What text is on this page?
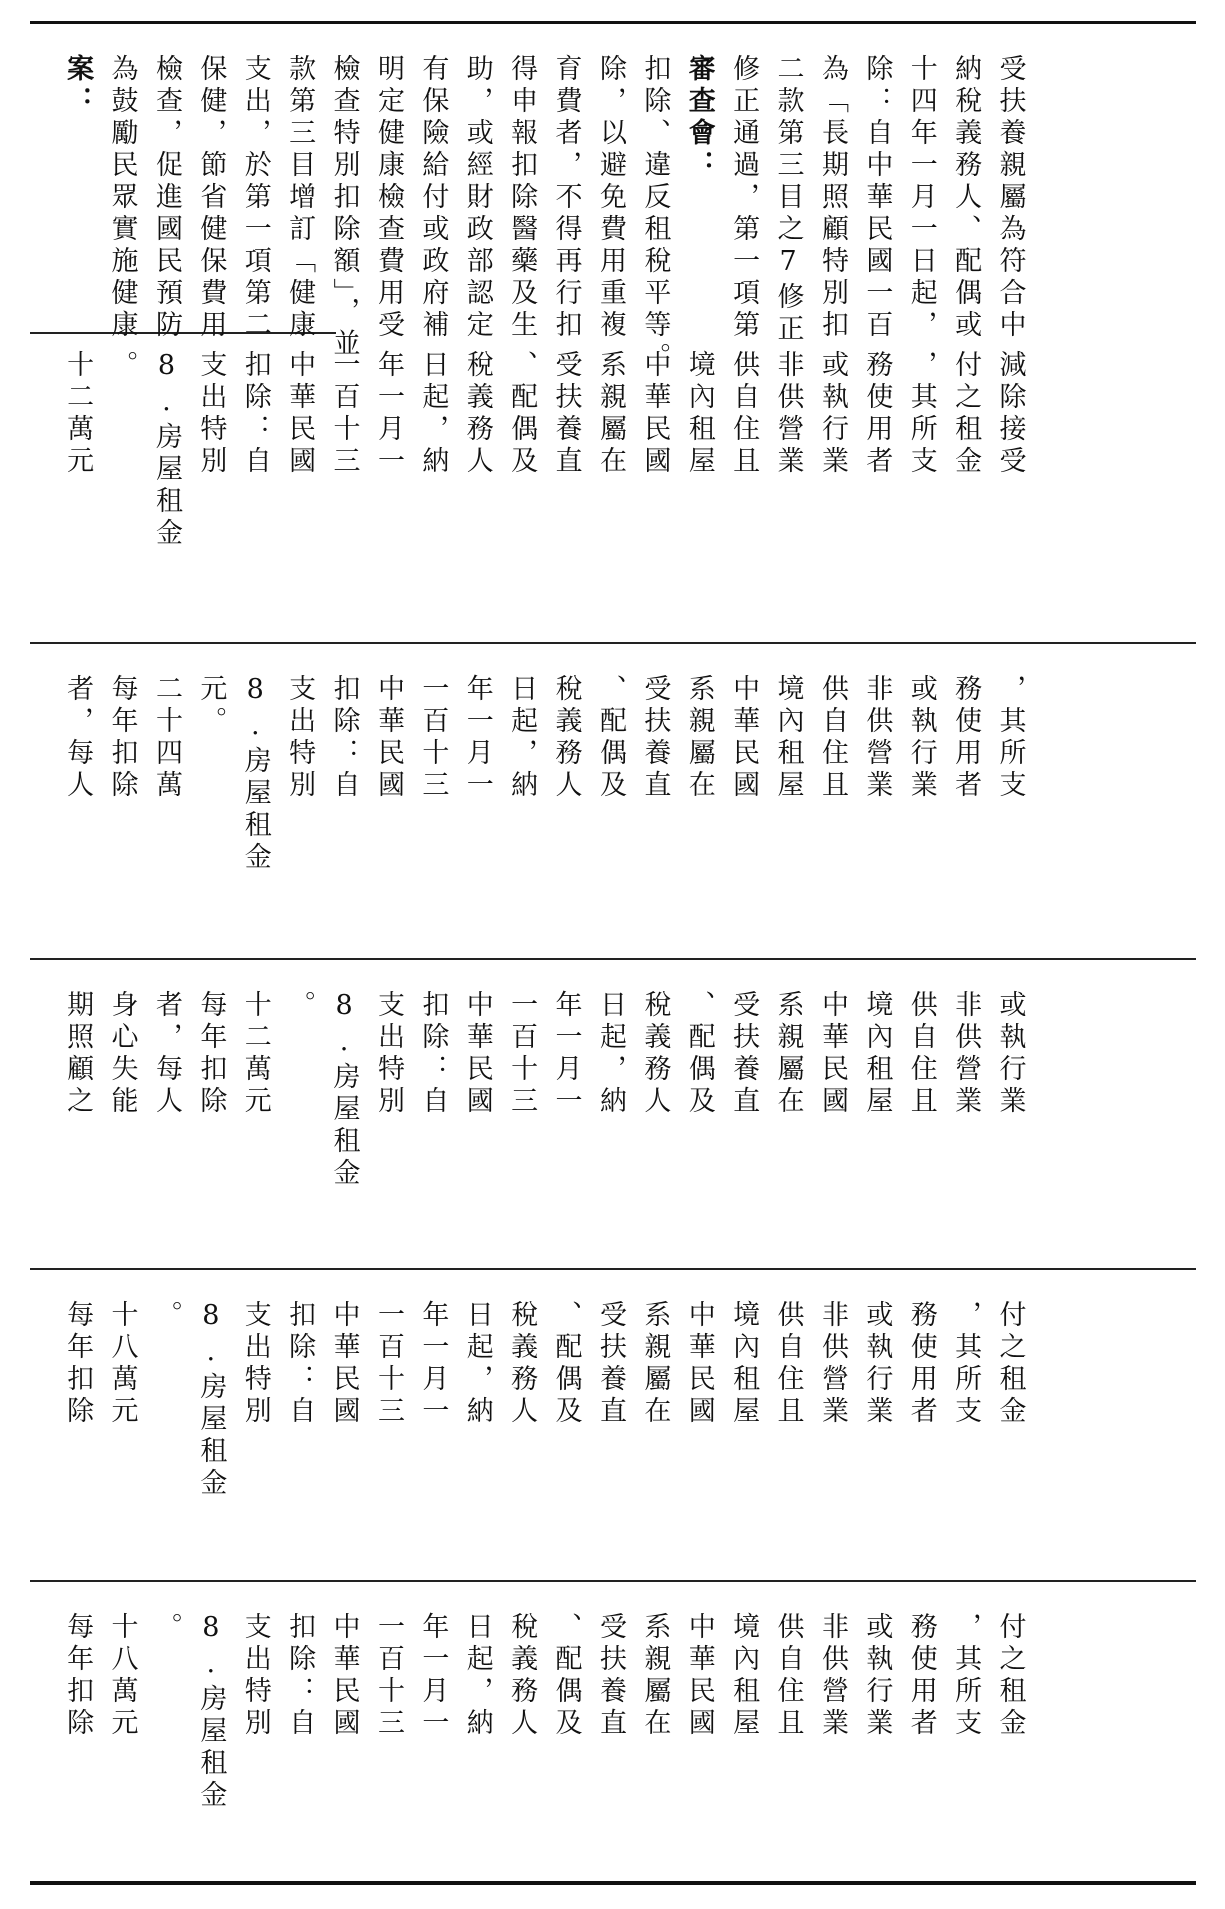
案： 為鼓勵民眾實施健康 檢查，促進國民預防 保健，節省健保費用 支出，於第一項第二 款第三目增訂「健康 檢查特別扣除額」，並 明定健康檢查費用受 有保險給付或政府補 助，或經財政部認定 得申報扣除醫藥及生 育費者，不得再行扣 除，以避免費用重複 扣除、違反租稅平等。 審查會： 修正通過，第一項第 二款第三目之7修正 為「長期照顧特別扣 除：自中華民國一百 十四年一月一日起， 納稅義務人、配偶或 受扶養親屬為符合中
者，每人 每年扣除 二十四萬 元。 8.房屋租金 支出特別 扣除：自 中華民國 一百十三 年一月一 日起，納 稅義務人 、配偶及 受扶養直 系親屬在 中華民國 境內租屋 供自住且 非供營業 或執行業 務使用者 ，其所支
期照顧之 身心失能 者，每人 每年扣除 十二萬元 。 8.房屋租金 支出特別 扣除：自 中華民國 一百十三 年一月一 日起，納 稅義務人 、配偶及 受扶養直 系親屬在 中華民國 境內租屋 供自住且 非供營業 或執行業
每年扣除 十八萬元 。 8.房屋租金 支出特別 扣除：自 中華民國 一百十三 年一月一 日起，納 稅義務人 、配偶及 受扶養直 系親屬在 中華民國 境內租屋 供自住且 非供營業 或執行業 務使用者 ，其所支 付之租金
每年扣除 十八萬元 。 8.房屋租金 支出特別 扣除：自 中華民國 一百十三 年一月一 日起，納 稅義務人 、配偶及 受扶養直 系親屬在 中華民國 境內租屋 供自住且 非供營業 或執行業 務使用者 ，其所支 付之租金
十二萬元 。 8.房屋租金 支出特別 扣除：自 中華民國 一百十三 年一月一 日起，納 稅義務人 、配偶及 受扶養直 系親屬在 中華民國 境內租屋 供自住且 非供營業 或執行業 務使用者 ，其所支 付之租金 減除接受
